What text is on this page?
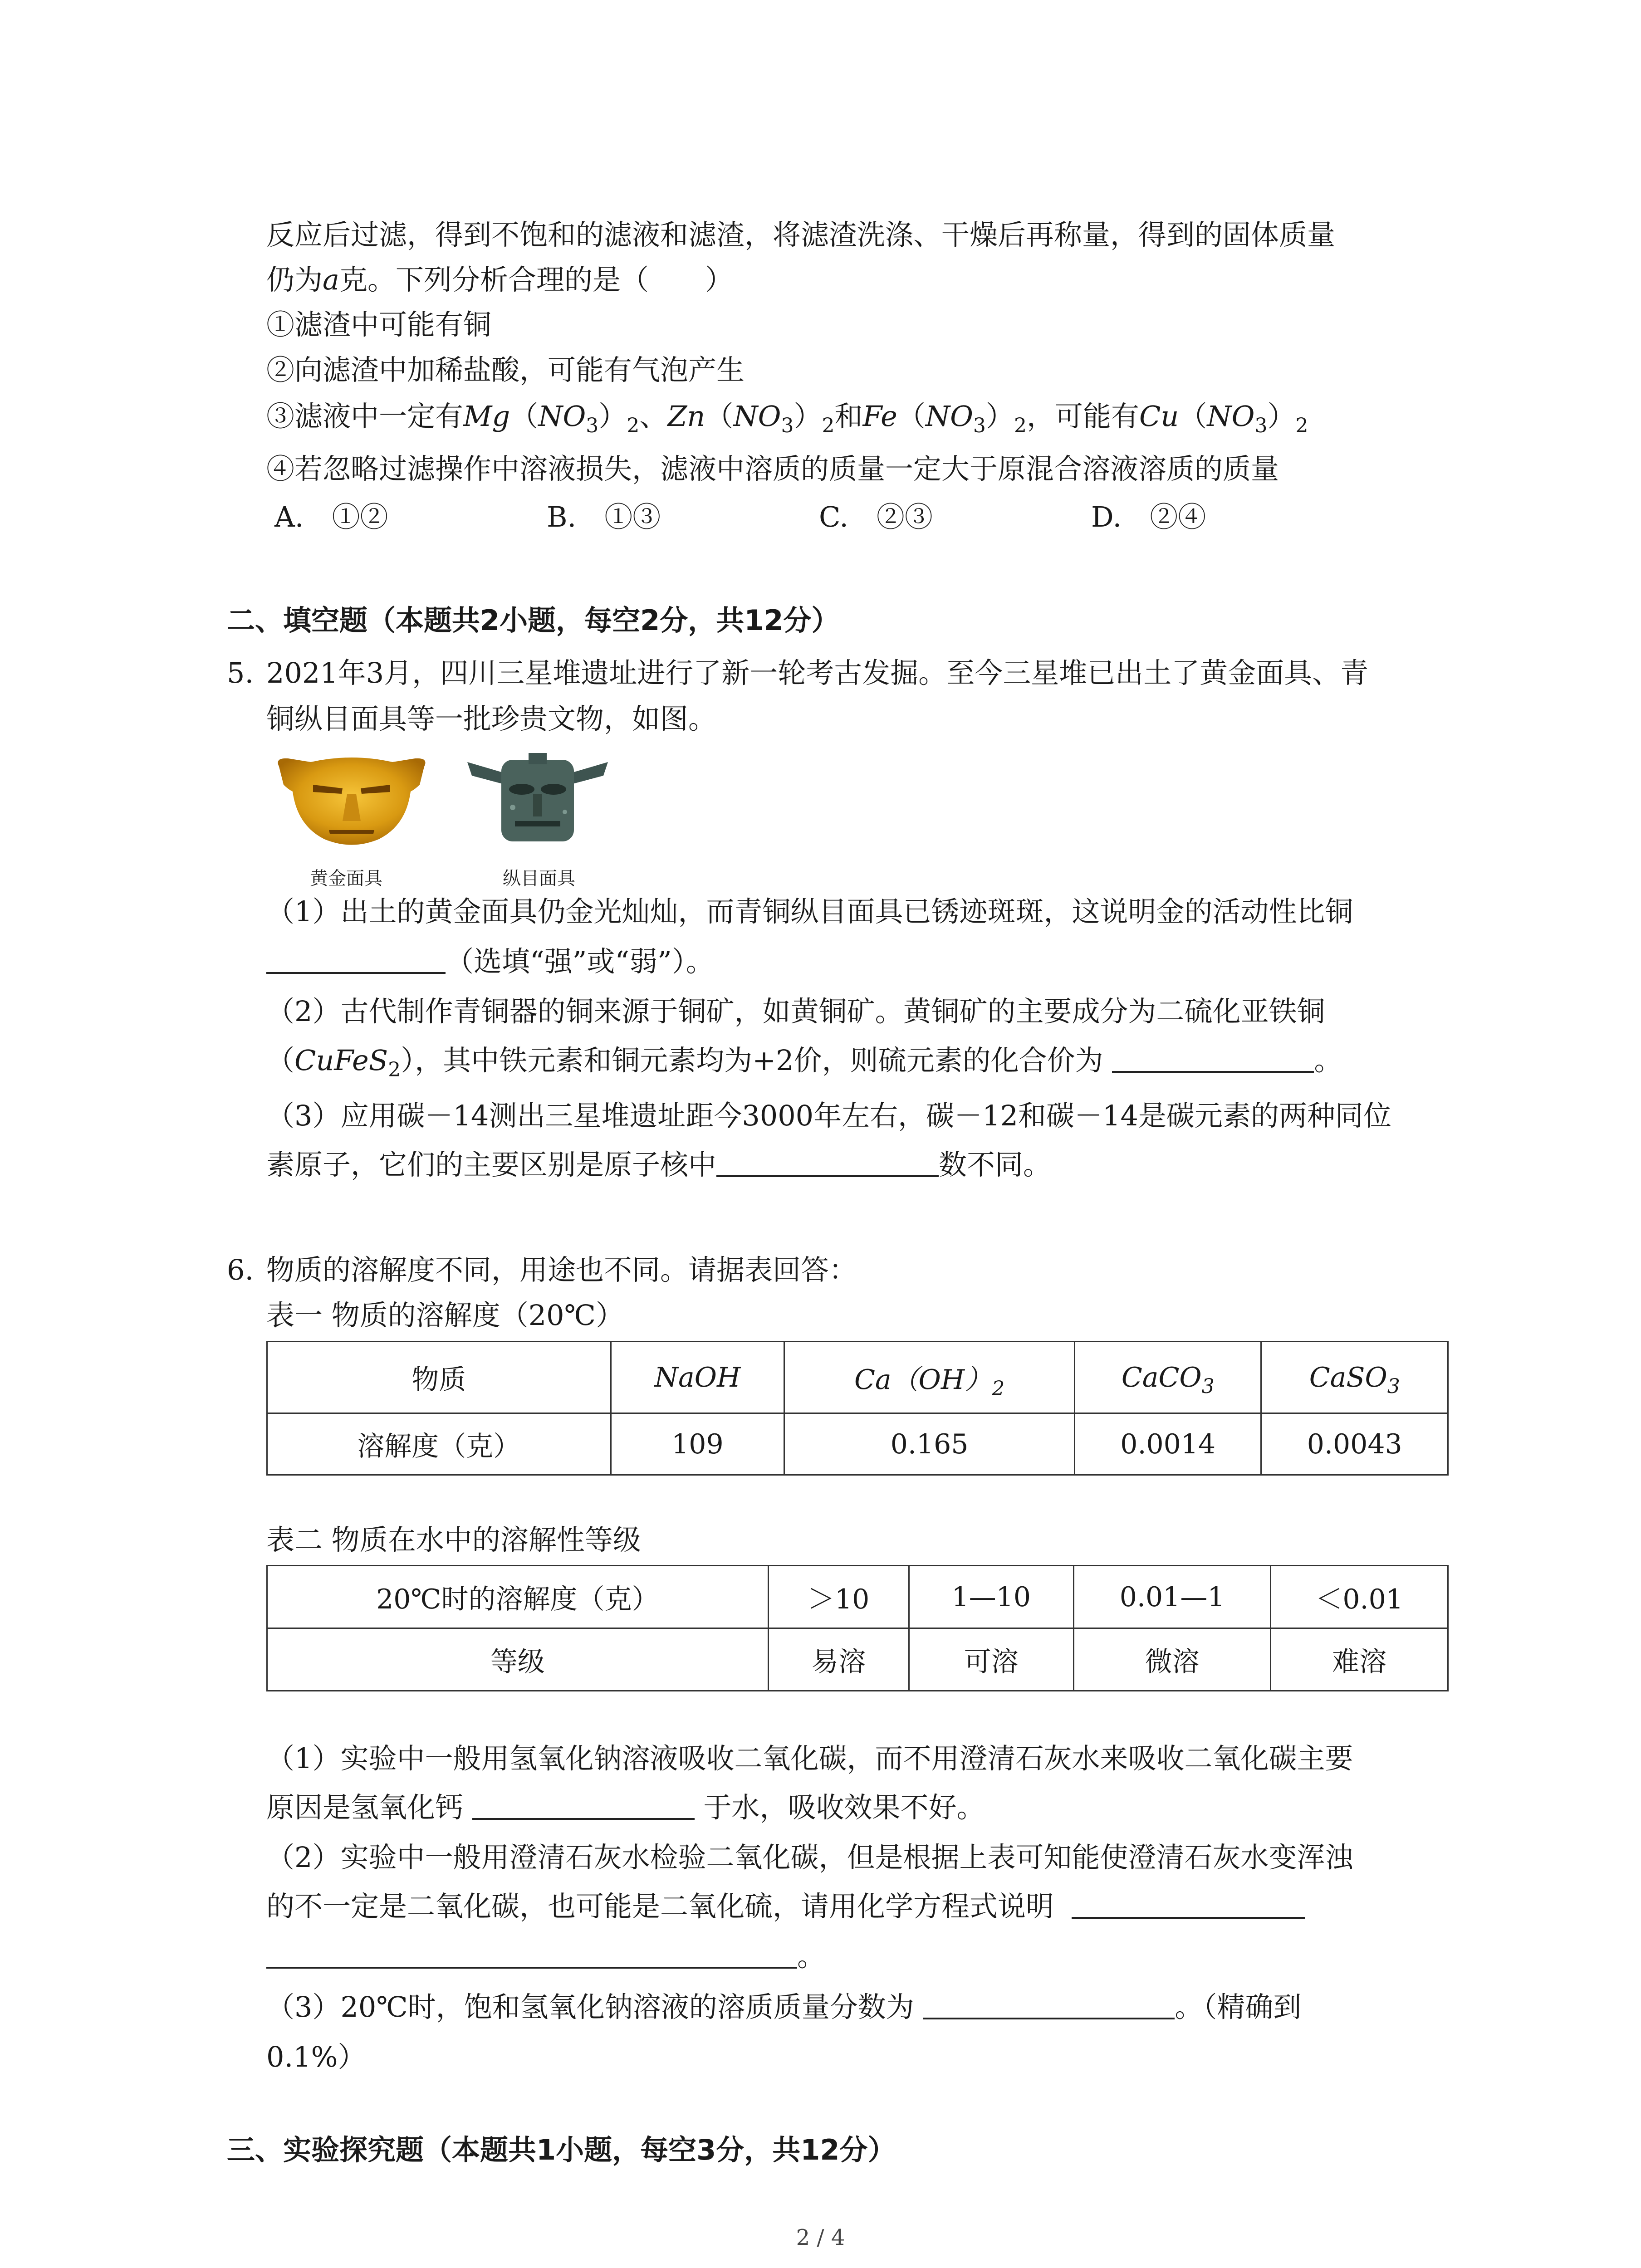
反应后过滤，得到不饱和的滤液和滤渣，将滤渣洗涤、干燥后再称量，得到的固体质量
仍为a克。下列分析合理的是（　　）
①滤渣中可能有铜
②向滤渣中加稀盐酸，可能有气泡产生
③滤液中一定有$Mg(NO_3)_2$、$Zn(NO_3)_2$和$Fe(NO_3)_2$，可能有$Cu(NO_3)_2$
④若忽略过滤操作中溶液损失，滤液中溶质的质量一定大于原混合溶液溶质的质量
A.　①②	B.　①③	C.　②③	D.　②④
二、填空题（本题共2小题，每空2分，共12分）
5. 2021年3月，四川三星堆遗址进行了新一轮考古发掘。至今三星堆已出土了黄金面具、青
铜纵目面具等一批珍贵文物，如图。
黄金面具	纵目面具
（1）出土的黄金面具仍金光灿灿，而青铜纵目面具已锈迹斑斑，这说明金的活动性比铜
（选填“强”或“弱”）。
（2）古代制作青铜器的铜来源于铜矿，如黄铜矿。黄铜矿的主要成分为二硫化亚铁铜
（CuFeS$_2$），其中铁元素和铜元素均为+2价，则硫元素的化合价为	。
（3）应用碳－14测出三星堆遗址距今3000年左右，碳－12和碳－14是碳元素的两种同位
素原子，它们的主要区别是原子核中	数不同。
6. 物质的溶解度不同，用途也不同。请据表回答：
表一 物质的溶解度（20℃）
物质	NaOH	$Ca(OH)_2$	CaCO$_3$	CaSO$_3$
溶解度（克）	109	0.165	0.0014	0.0043
表二 物质在水中的溶解性等级
20℃时的溶解度（克）	＞10	1—10	0.01—1	＜0.01
等级	易溶	可溶	微溶	难溶
（1）实验中一般用氢氧化钠溶液吸收二氧化碳，而不用澄清石灰水来吸收二氧化碳主要
原因是氢氧化钙	于水，吸收效果不好。
（2）实验中一般用澄清石灰水检验二氧化碳，但是根据上表可知能使澄清石灰水变浑浊
的不一定是二氧化碳，也可能是二氧化硫，请用化学方程式说明
。
（3）20℃时，饱和氢氧化钠溶液的溶质质量分数为	。（精确到
0.1%）
三、实验探究题（本题共1小题，每空3分，共12分）
2 / 4
